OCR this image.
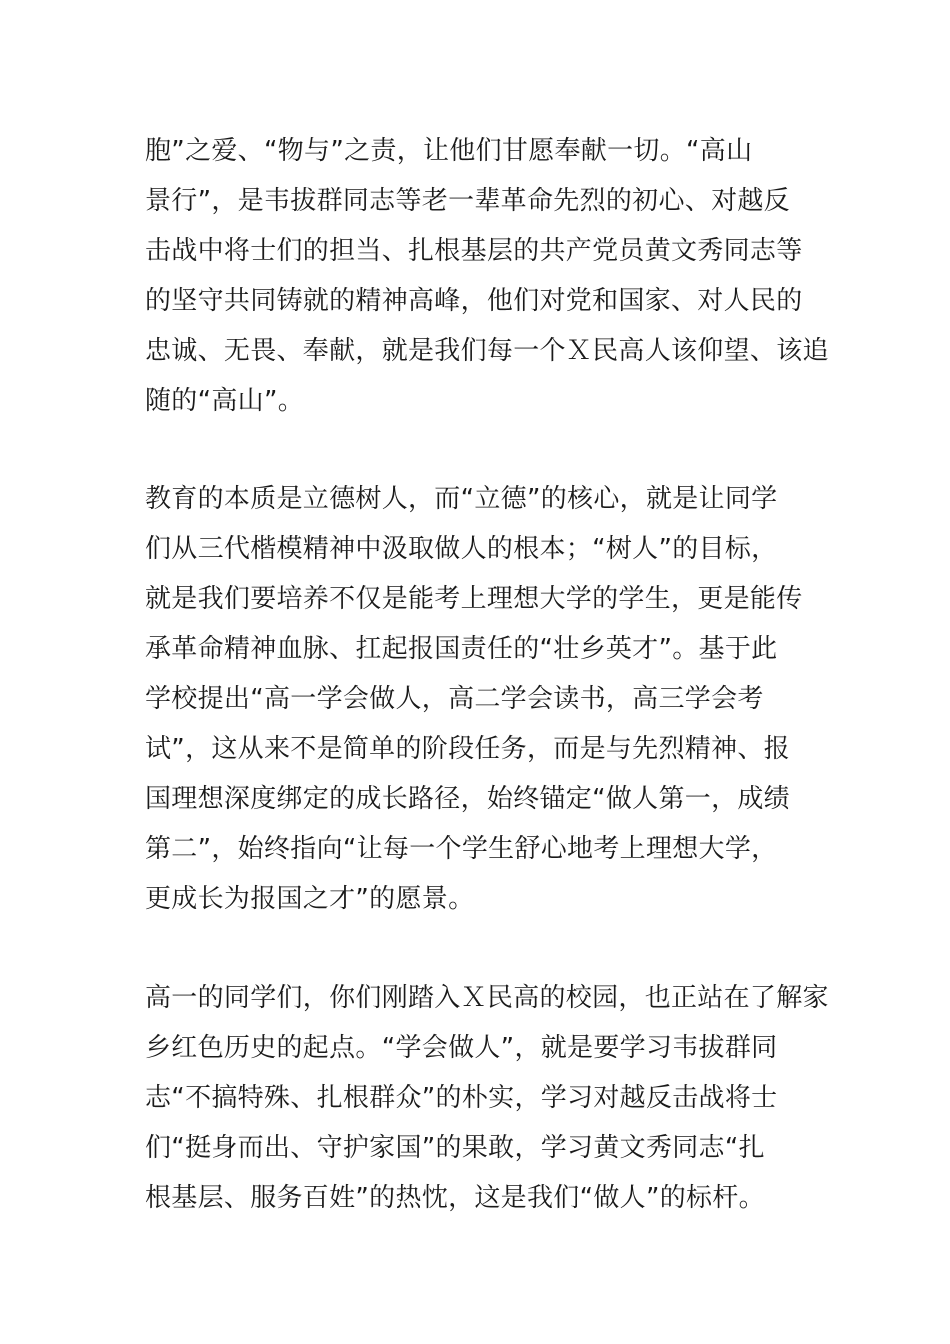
胞”之爱、“物与”之责，让他们甘愿奉献一切。“高山
景行”，是韦拔群同志等老一辈革命先烈的初心、对越反
击战中将士们的担当、扎根基层的共产党员黄文秀同志等
的坚守共同铸就的精神高峰，他们对党和国家、对人民的
忠诚、无畏、奉献，就是我们每一个Ｘ民高人该仰望、该追
随的“高山”。
教育的本质是立德树人，而“立德”的核心，就是让同学
们从三代楷模精神中汲取做人的根本；“树人”的目标，
就是我们要培养不仅是能考上理想大学的学生，更是能传
承革命精神血脉、扛起报国责任的“壮乡英才”。基于此
学校提出“高一学会做人，高二学会读书，高三学会考
试”，这从来不是简单的阶段任务，而是与先烈精神、报
国理想深度绑定的成长路径，始终锚定“做人第一，成绩
第二”，始终指向“让每一个学生舒心地考上理想大学，
更成长为报国之才”的愿景。
高一的同学们，你们刚踏入Ｘ民高的校园，也正站在了解家
乡红色历史的起点。“学会做人”，就是要学习韦拔群同
志“不搞特殊、扎根群众”的朴实，学习对越反击战将士
们“挺身而出、守护家国”的果敢，学习黄文秀同志“扎
根基层、服务百姓”的热忱，这是我们“做人”的标杆。
